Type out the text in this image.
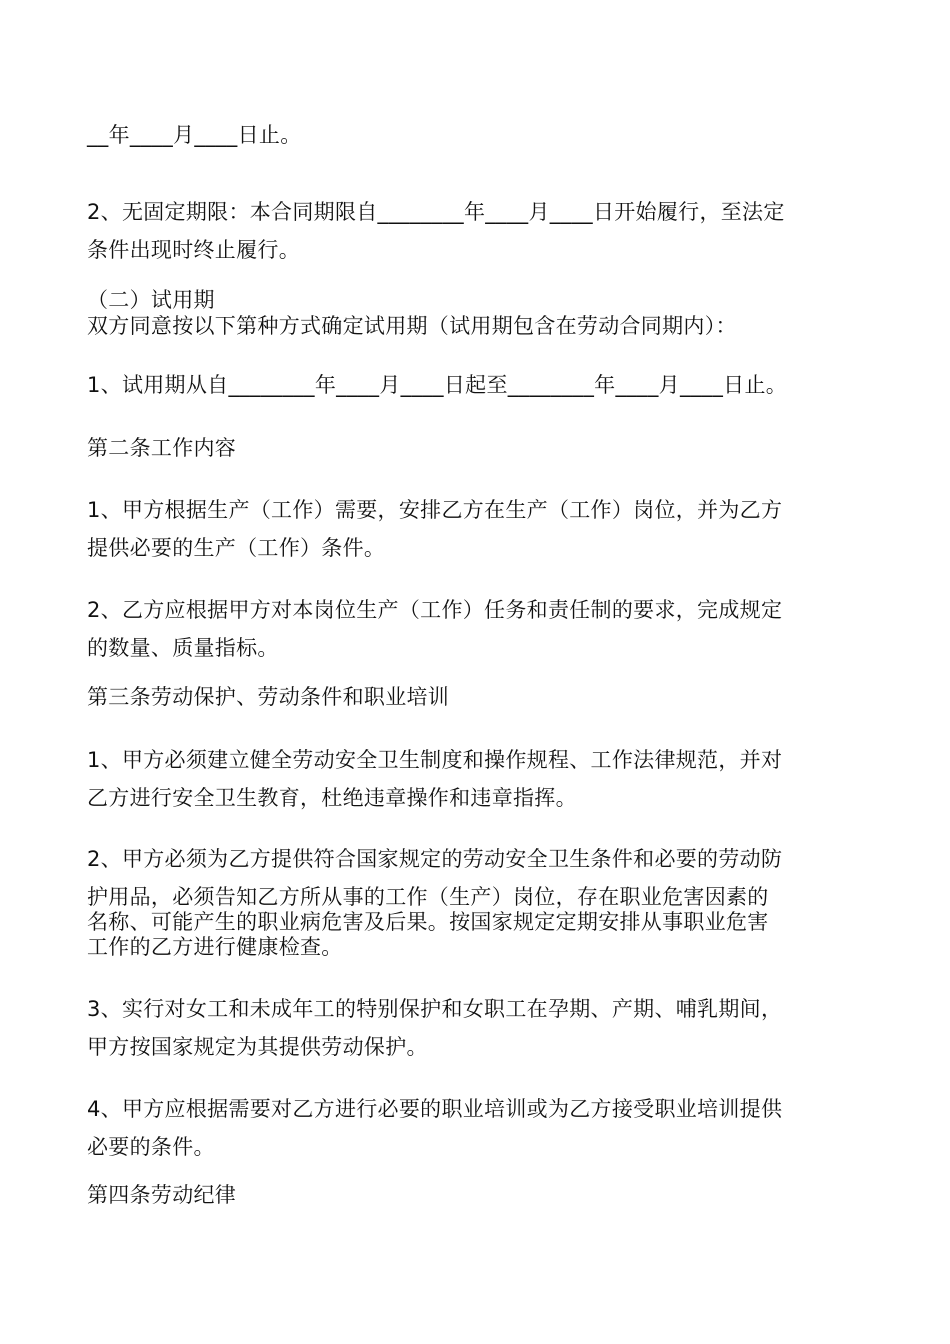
__年____月____日止。

2、无固定期限：本合同期限自________年____月____日开始履行，至法定

条件出现时终止履行。

（二）试用期

双方同意按以下第种方式确定试用期（试用期包含在劳动合同期内）：

1、试用期从自________年____月____日起至________年____月____日止。

第二条工作内容

1、甲方根据生产（工作）需要，安排乙方在生产（工作）岗位，并为乙方

提供必要的生产（工作）条件。

2、乙方应根据甲方对本岗位生产（工作）任务和责任制的要求，完成规定

的数量、质量指标。

第三条劳动保护、劳动条件和职业培训

1、甲方必须建立健全劳动安全卫生制度和操作规程、工作法律规范，并对

乙方进行安全卫生教育，杜绝违章操作和违章指挥。

2、甲方必须为乙方提供符合国家规定的劳动安全卫生条件和必要的劳动防

护用品，必须告知乙方所从事的工作（生产）岗位，存在职业危害因素的

名称、可能产生的职业病危害及后果。按国家规定定期安排从事职业危害

工作的乙方进行健康检查。

3、实行对女工和未成年工的特别保护和女职工在孕期、产期、哺乳期间，

甲方按国家规定为其提供劳动保护。

4、甲方应根据需要对乙方进行必要的职业培训或为乙方接受职业培训提供

必要的条件。

第四条劳动纪律
